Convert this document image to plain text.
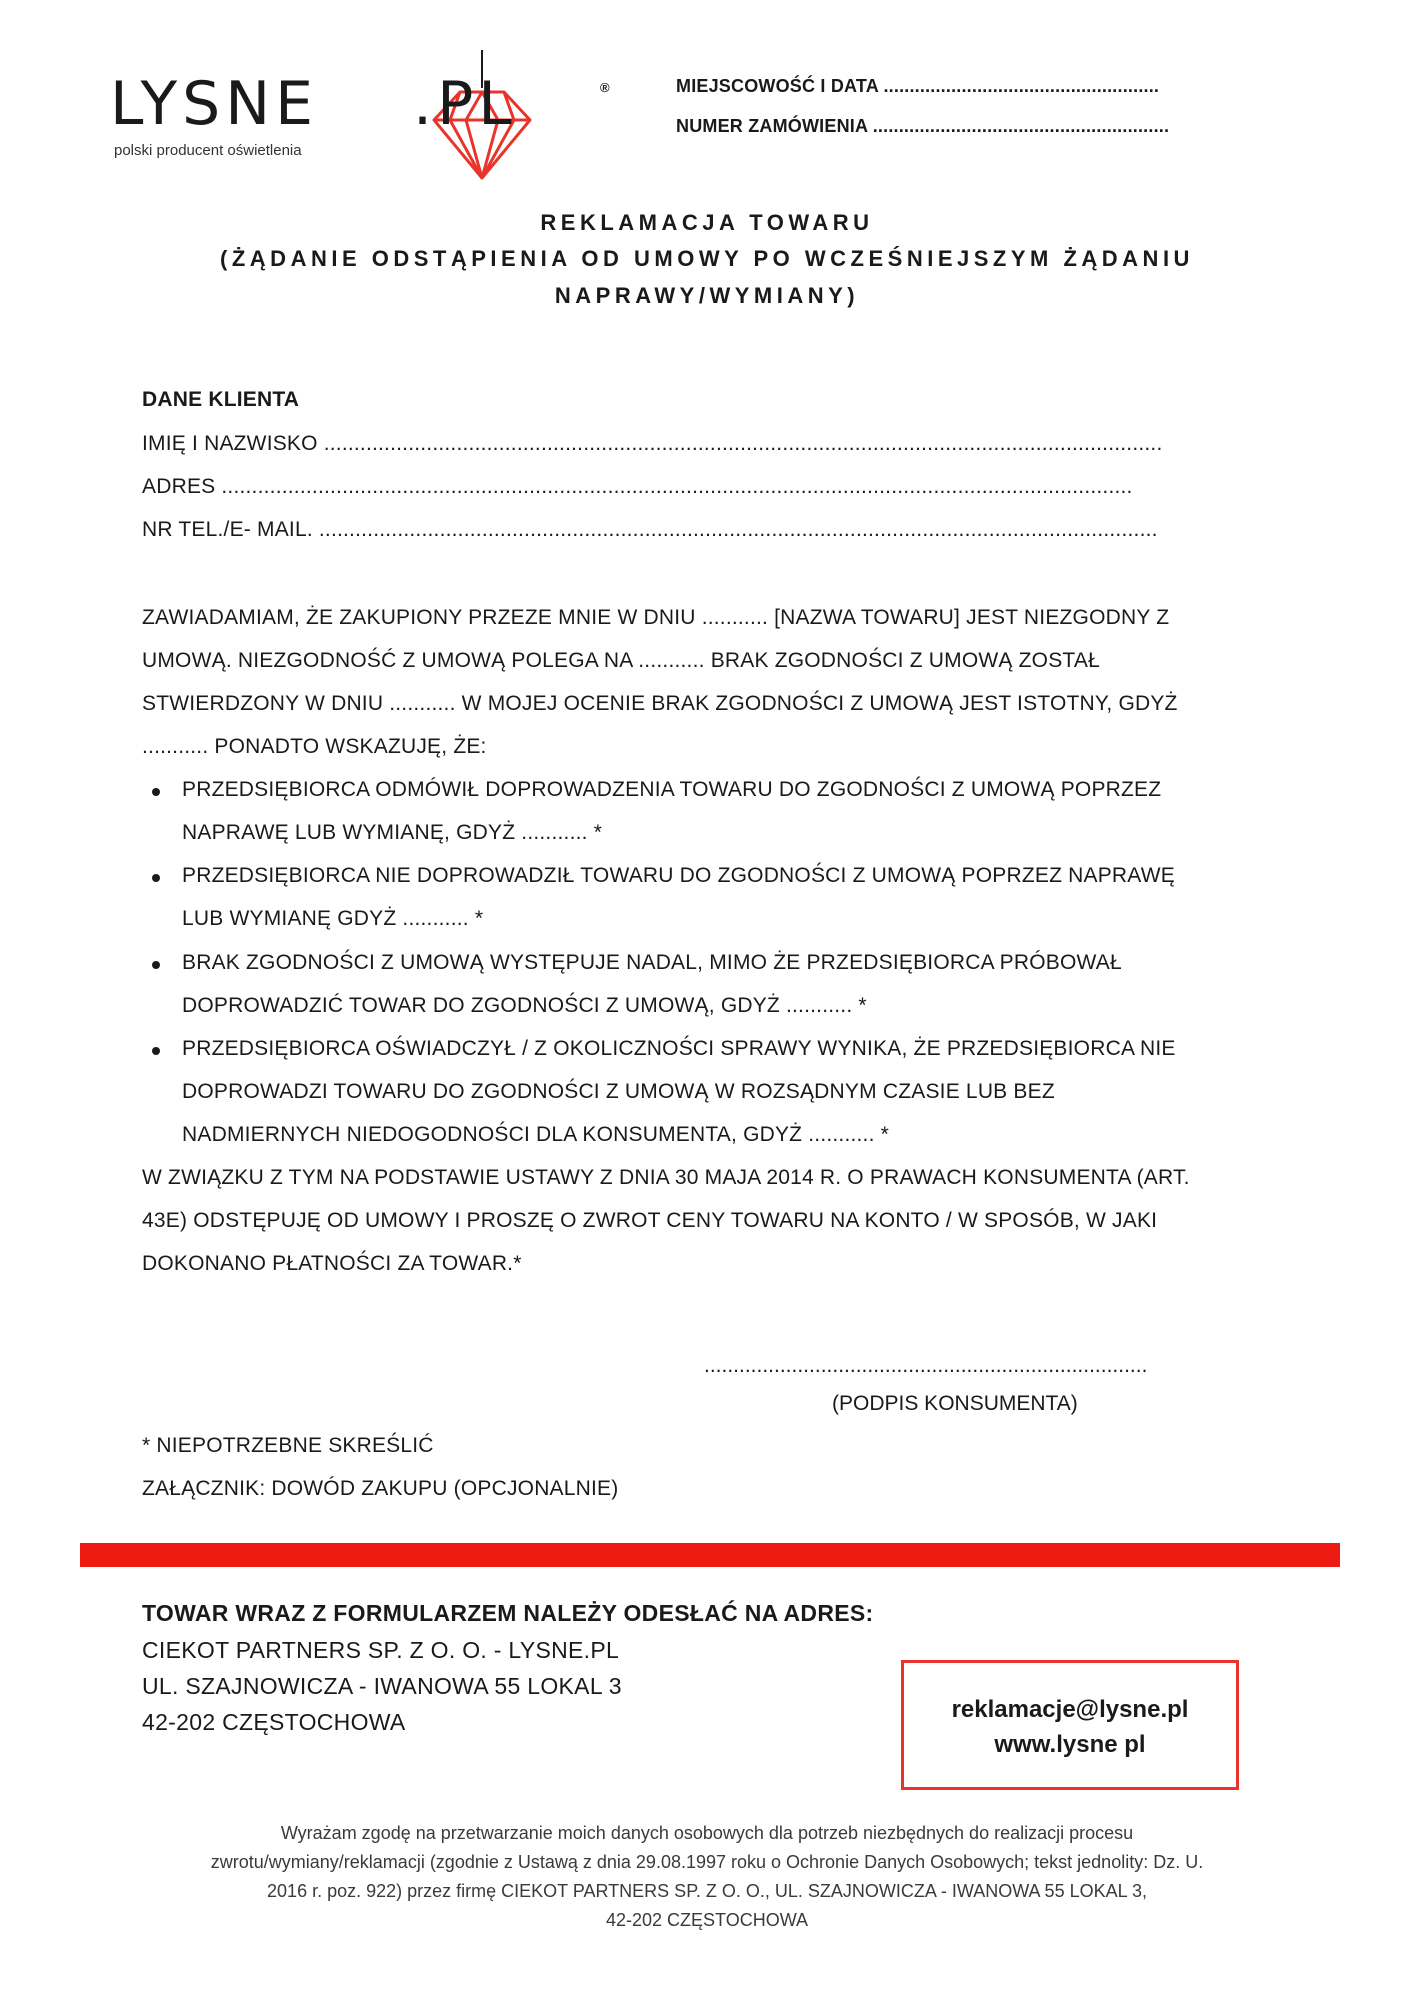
LYSNE .PL	®
polski producent oświetlenia
MIEJSCOWOŚĆ I DATA .....................................................
NUMER ZAMÓWIENIA .........................................................
REKLAMACJA TOWARU
(ŻĄDANIE ODSTĄPIENIA OD UMOWY PO WCZEŚNIEJSZYM ŻĄDANIU
NAPRAWY/WYMIANY)
DANE KLIENTA
IMIĘ I NAZWISKO ...........................................................................................................................................
ADRES .......................................................................................................................................................
NR TEL./E- MAIL. ...........................................................................................................................................
ZAWIADAMIAM, ŻE ZAKUPIONY PRZEZE MNIE W DNIU ........... [NAZWA TOWARU] JEST NIEZGODNY Z
UMOWĄ. NIEZGODNOŚĆ Z UMOWĄ POLEGA NA ........... BRAK ZGODNOŚCI Z UMOWĄ ZOSTAŁ
STWIERDZONY W DNIU ........... W MOJEJ OCENIE BRAK ZGODNOŚCI Z UMOWĄ JEST ISTOTNY, GDYŻ
........... PONADTO WSKAZUJĘ, ŻE:
PRZEDSIĘBIORCA ODMÓWIŁ DOPROWADZENIA TOWARU DO ZGODNOŚCI Z UMOWĄ POPRZEZ
NAPRAWĘ LUB WYMIANĘ, GDYŻ ........... *
PRZEDSIĘBIORCA NIE DOPROWADZIŁ TOWARU DO ZGODNOŚCI Z UMOWĄ POPRZEZ NAPRAWĘ
LUB WYMIANĘ GDYŻ ........... *
BRAK ZGODNOŚCI Z UMOWĄ WYSTĘPUJE NADAL, MIMO ŻE PRZEDSIĘBIORCA PRÓBOWAŁ
DOPROWADZIĆ TOWAR DO ZGODNOŚCI Z UMOWĄ, GDYŻ ........... *
PRZEDSIĘBIORCA OŚWIADCZYŁ / Z OKOLICZNOŚCI SPRAWY WYNIKA, ŻE PRZEDSIĘBIORCA NIE
DOPROWADZI TOWARU DO ZGODNOŚCI Z UMOWĄ W ROZSĄDNYM CZASIE LUB BEZ
NADMIERNYCH NIEDOGODNOŚCI DLA KONSUMENTA, GDYŻ ........... *
W ZWIĄZKU Z TYM NA PODSTAWIE USTAWY Z DNIA 30 MAJA 2014 R. O PRAWACH KONSUMENTA (ART.
43E) ODSTĘPUJĘ OD UMOWY I PROSZĘ O ZWROT CENY TOWARU NA KONTO / W SPOSÓB, W JAKI
DOKONANO PŁATNOŚCI ZA TOWAR.*
............................................................................
(PODPIS KONSUMENTA)
* NIEPOTRZEBNE SKREŚLIĆ
ZAŁĄCZNIK: DOWÓD ZAKUPU (OPCJONALNIE)
TOWAR WRAZ Z FORMULARZEM NALEŻY ODESŁAĆ NA ADRES:
CIEKOT PARTNERS SP. Z O. O. - LYSNE.PL
UL. SZAJNOWICZA - IWANOWA 55 LOKAL 3
42-202 CZĘSTOCHOWA	reklamacje@lysne.pl
www.lysne pl
Wyrażam zgodę na przetwarzanie moich danych osobowych dla potrzeb niezbędnych do realizacji procesu
zwrotu/wymiany/reklamacji (zgodnie z Ustawą z dnia 29.08.1997 roku o Ochronie Danych Osobowych; tekst jednolity: Dz. U.
2016 r. poz. 922) przez firmę CIEKOT PARTNERS SP. Z O. O., UL. SZAJNOWICZA - IWANOWA 55 LOKAL 3,
42-202 CZĘSTOCHOWA
